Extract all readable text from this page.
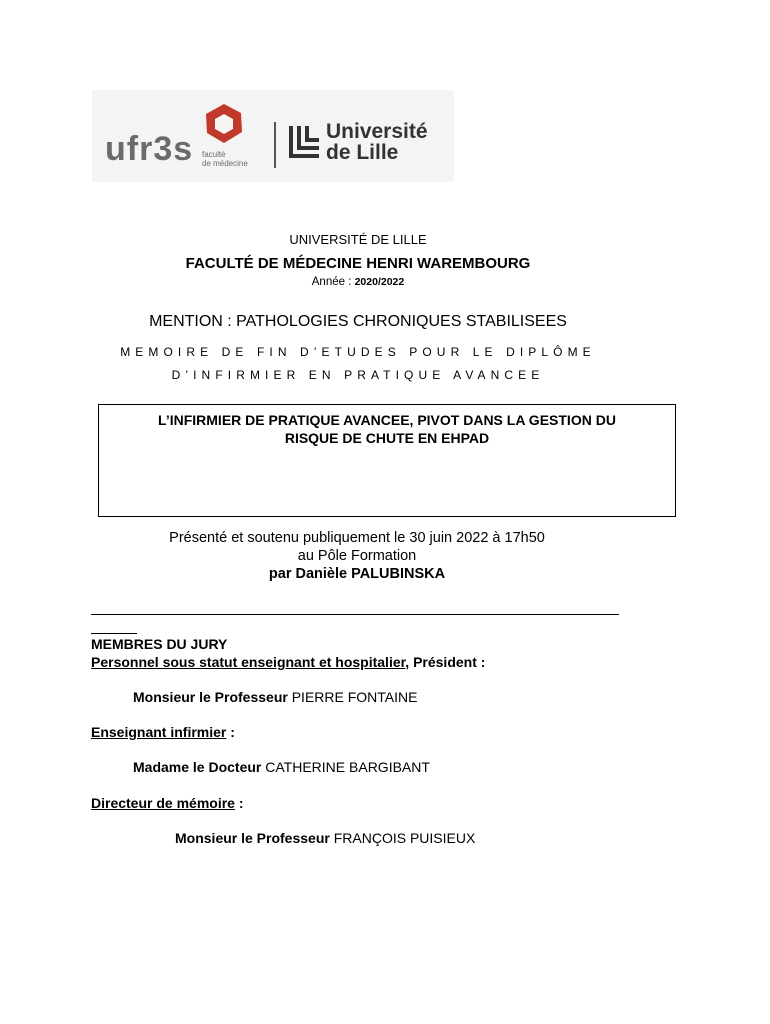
ufr3s faculté
de médecine
Université
de Lille
UNIVERSITÉ DE LILLE
FACULTÉ DE MÉDECINE HENRI WAREMBOURG
Année : 2020/2022
MENTION : PATHOLOGIES CHRONIQUES STABILISEES
MEMOIRE DE FIN D’ETUDES POUR LE DIPLÔME
D’INFIRMIER EN PRATIQUE AVANCEE
L’INFIRMIER DE PRATIQUE AVANCEE, PIVOT DANS LA GESTION DU
RISQUE DE CHUTE EN EHPAD
Présenté et soutenu publiquement le 30 juin 2022 à 17h50
au Pôle Formation
par Danièle PALUBINSKA
MEMBRES DU JURY
Personnel sous statut enseignant et hospitalier, Président :
Monsieur le Professeur PIERRE FONTAINE
Enseignant infirmier :
Madame le Docteur CATHERINE BARGIBANT
Directeur de mémoire :
Monsieur le Professeur FRANÇOIS PUISIEUX
